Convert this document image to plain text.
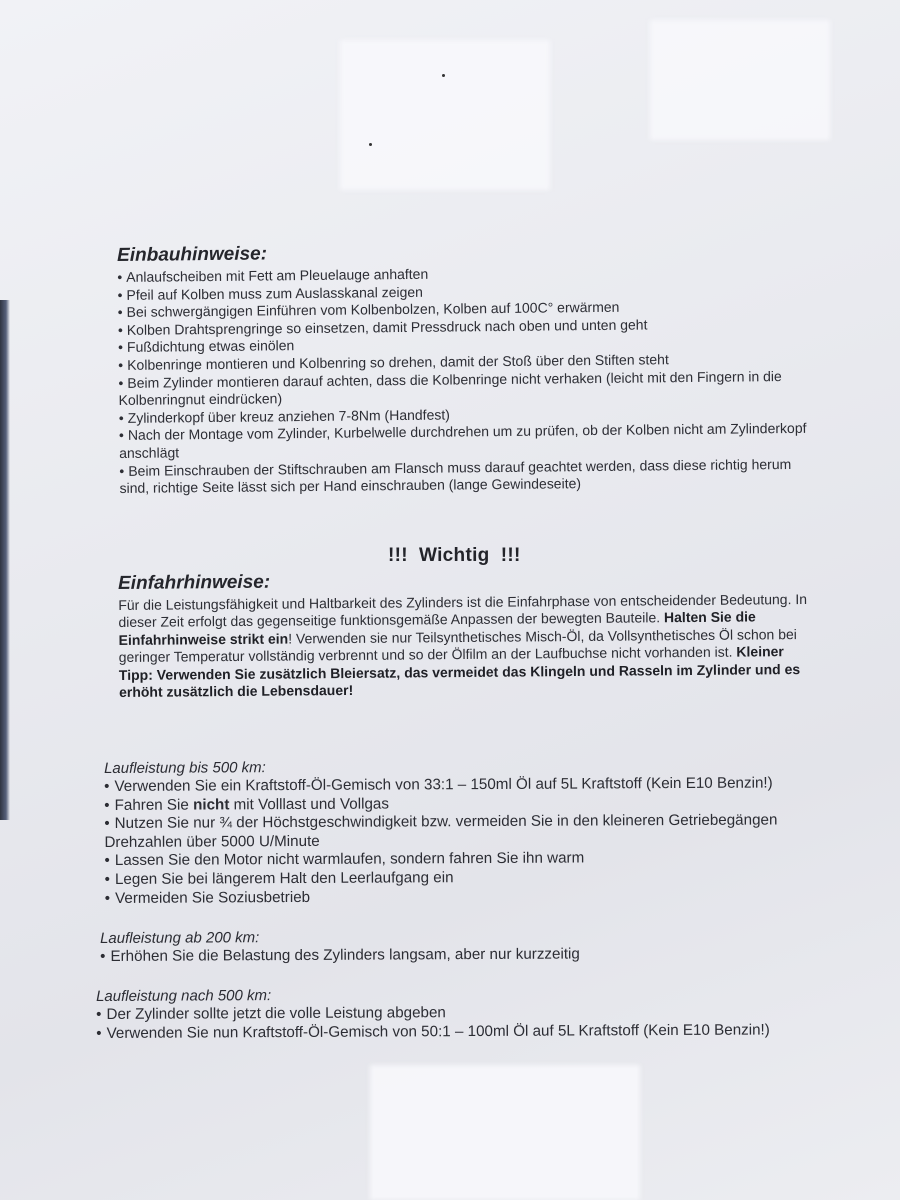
Einbauhinweise:
• Anlaufscheiben mit Fett am Pleuelauge anhaften
• Pfeil auf Kolben muss zum Auslasskanal zeigen
• Bei schwergängigen Einführen vom Kolbenbolzen, Kolben auf 100C° erwärmen
• Kolben Drahtsprengringe so einsetzen, damit Pressdruck nach oben und unten geht
• Fußdichtung etwas einölen
• Kolbenringe montieren und Kolbenring so drehen, damit der Stoß über den Stiften steht
• Beim Zylinder montieren darauf achten, dass die Kolbenringe nicht verhaken (leicht mit den Fingern in die Kolbenringnut eindrücken)
• Zylinderkopf über kreuz anziehen 7-8Nm (Handfest)
• Nach der Montage vom Zylinder, Kurbelwelle durchdrehen um zu prüfen, ob der Kolben nicht am Zylinderkopf anschlägt
• Beim Einschrauben der Stiftschrauben am Flansch muss darauf geachtet werden, dass diese richtig herum sind, richtige Seite lässt sich per Hand einschrauben (lange Gewindeseite)
!!!  Wichtig  !!!
Einfahrhinweise:

Für die Leistungsfähigkeit und Haltbarkeit des Zylinders ist die Einfahrphase von entscheidender Bedeutung. In dieser Zeit erfolgt das gegenseitige funktionsgemäße Anpassen der bewegten Bauteile. Halten Sie die Einfahrhinweise strikt ein! Verwenden sie nur Teilsynthetisches Misch-Öl, da Vollsynthetisches Öl schon bei geringer Temperatur vollständig verbrennt und so der Ölfilm an der Laufbuchse nicht vorhanden ist. Kleiner Tipp: Verwenden Sie zusätzlich Bleiersatz, das vermeidet das Klingeln und Rasseln im Zylinder und es erhöht zusätzlich die Lebensdauer!

Laufleistung bis 500 km:
• Verwenden Sie ein Kraftstoff-Öl-Gemisch von 33:1 – 150ml Öl auf 5L Kraftstoff (Kein E10 Benzin!)
• Fahren Sie nicht mit Volllast und Vollgas
• Nutzen Sie nur ¾ der Höchstgeschwindigkeit bzw. vermeiden Sie in den kleineren Getriebegängen Drehzahlen über 5000 U/Minute
• Lassen Sie den Motor nicht warmlaufen, sondern fahren Sie ihn warm
• Legen Sie bei längerem Halt den Leerlaufgang ein
• Vermeiden Sie Soziusbetrieb
Laufleistung ab 200 km:
• Erhöhen Sie die Belastung des Zylinders langsam, aber nur kurzzeitig
Laufleistung nach 500 km:
• Der Zylinder sollte jetzt die volle Leistung abgeben
• Verwenden Sie nun Kraftstoff-Öl-Gemisch von 50:1 – 100ml Öl auf 5L Kraftstoff (Kein E10 Benzin!)
